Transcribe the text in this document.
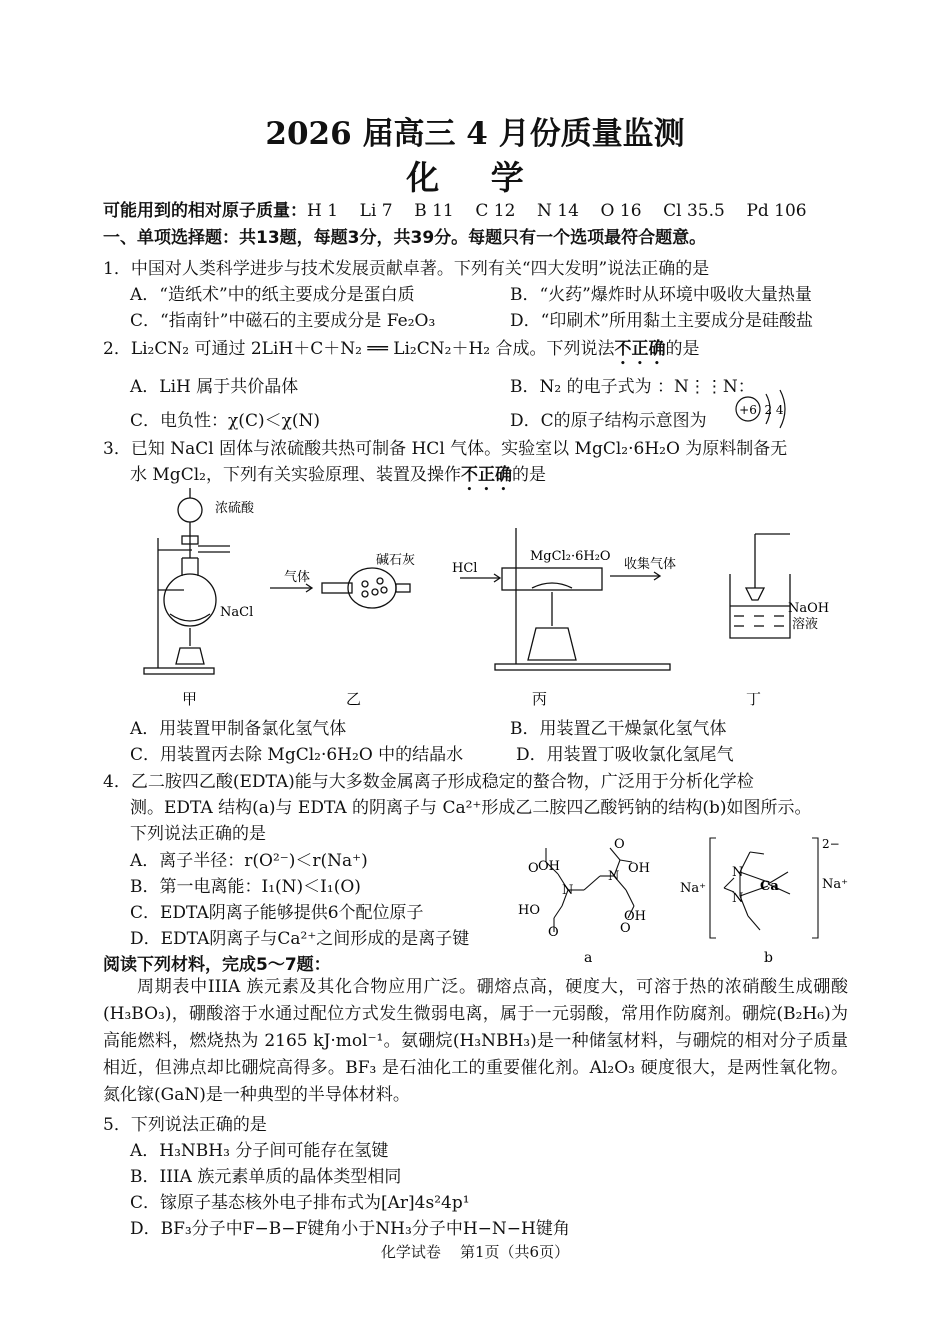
2026 届高三 4 月份质量监测
化 学
可能用到的相对原子质量：H 1    Li 7    B 11    C 12    N 14    O 16    Cl 35.5    Pd 106
一、单项选择题：共13题，每题3分，共39分。每题只有一个选项最符合题意。
1．中国对人类科学进步与技术发展贡献卓著。下列有关“四大发明”说法正确的是
A．“造纸术”中的纸主要成分是蛋白质	B．“火药”爆炸时从环境中吸收大量热量
C．“指南针”中磁石的主要成分是 Fe₂O₃	D．“印刷术”所用黏土主要成分是硅酸盐
2．Li₂CN₂ 可通过 2LiH＋C＋N₂ ══ Li₂CN₂＋H₂ 合成。下列说法不正确的是
A．LiH 属于共价晶体	B．N₂ 的电子式为 ：N⋮⋮N：
C．电负性：χ(C)＜χ(N)	D．C的原子结构示意图为
+6 2 4
3．已知 NaCl 固体与浓硫酸共热可制备 HCl 气体。实验室以 MgCl₂·6H₂O 为原料制备无
水 MgCl₂，下列有关实验原理、装置及操作不正确的是
浓硫酸
NaCl
气体
碱石灰
HCl
MgCl₂·6H₂O
收集气体
NaOH
溶液
甲	乙	丙	丁
A．用装置甲制备氯化氢气体	B．用装置乙干燥氯化氢气体
C．用装置丙去除 MgCl₂·6H₂O 中的结晶水	D．用装置丁吸收氯化氢尾气
4．乙二胺四乙酸(EDTA)能与大多数金属离子形成稳定的螯合物，广泛用于分析化学检
测。EDTA 结构(a)与 EDTA 的阴离子与 Ca²⁺形成乙二胺四乙酸钙钠的结构(b)如图所示。
下列说法正确的是
A．离子半径：r(O²⁻)＜r(Na⁺)
B．第一电离能：I₁(N)＜I₁(O)
C．EDTA阴离子能够提供6个配位原子
D．EDTA阴离子与Ca²⁺之间形成的是离子键
O OH
O
OH
N
N
HO	OH
O	O
a
Na⁺	Na⁺
2−
Ca
N
N
b
阅读下列材料，完成5～7题：
周期表中IIIA 族元素及其化合物应用广泛。硼熔点高，硬度大，可溶于热的浓硝酸生成硼酸(H₃BO₃)，硼酸溶于水通过配位方式发生微弱电离，属于一元弱酸，常用作防腐剂。硼烷(B₂H₆)为高能燃料，燃烧热为 2165 kJ·mol⁻¹。氨硼烷(H₃NBH₃)是一种储氢材料，与硼烷的相对分子质量相近，但沸点却比硼烷高得多。BF₃ 是石油化工的重要催化剂。Al₂O₃ 硬度很大，是两性氧化物。氮化镓(GaN)是一种典型的半导体材料。
5．下列说法正确的是
A．H₃NBH₃ 分子间可能存在氢键
B．IIIA 族元素单质的晶体类型相同
C．镓原子基态核外电子排布式为[Ar]4s²4p¹
D．BF₃分子中F−B−F键角小于NH₃分子中H−N−H键角
化学试卷    第1页（共6页）
